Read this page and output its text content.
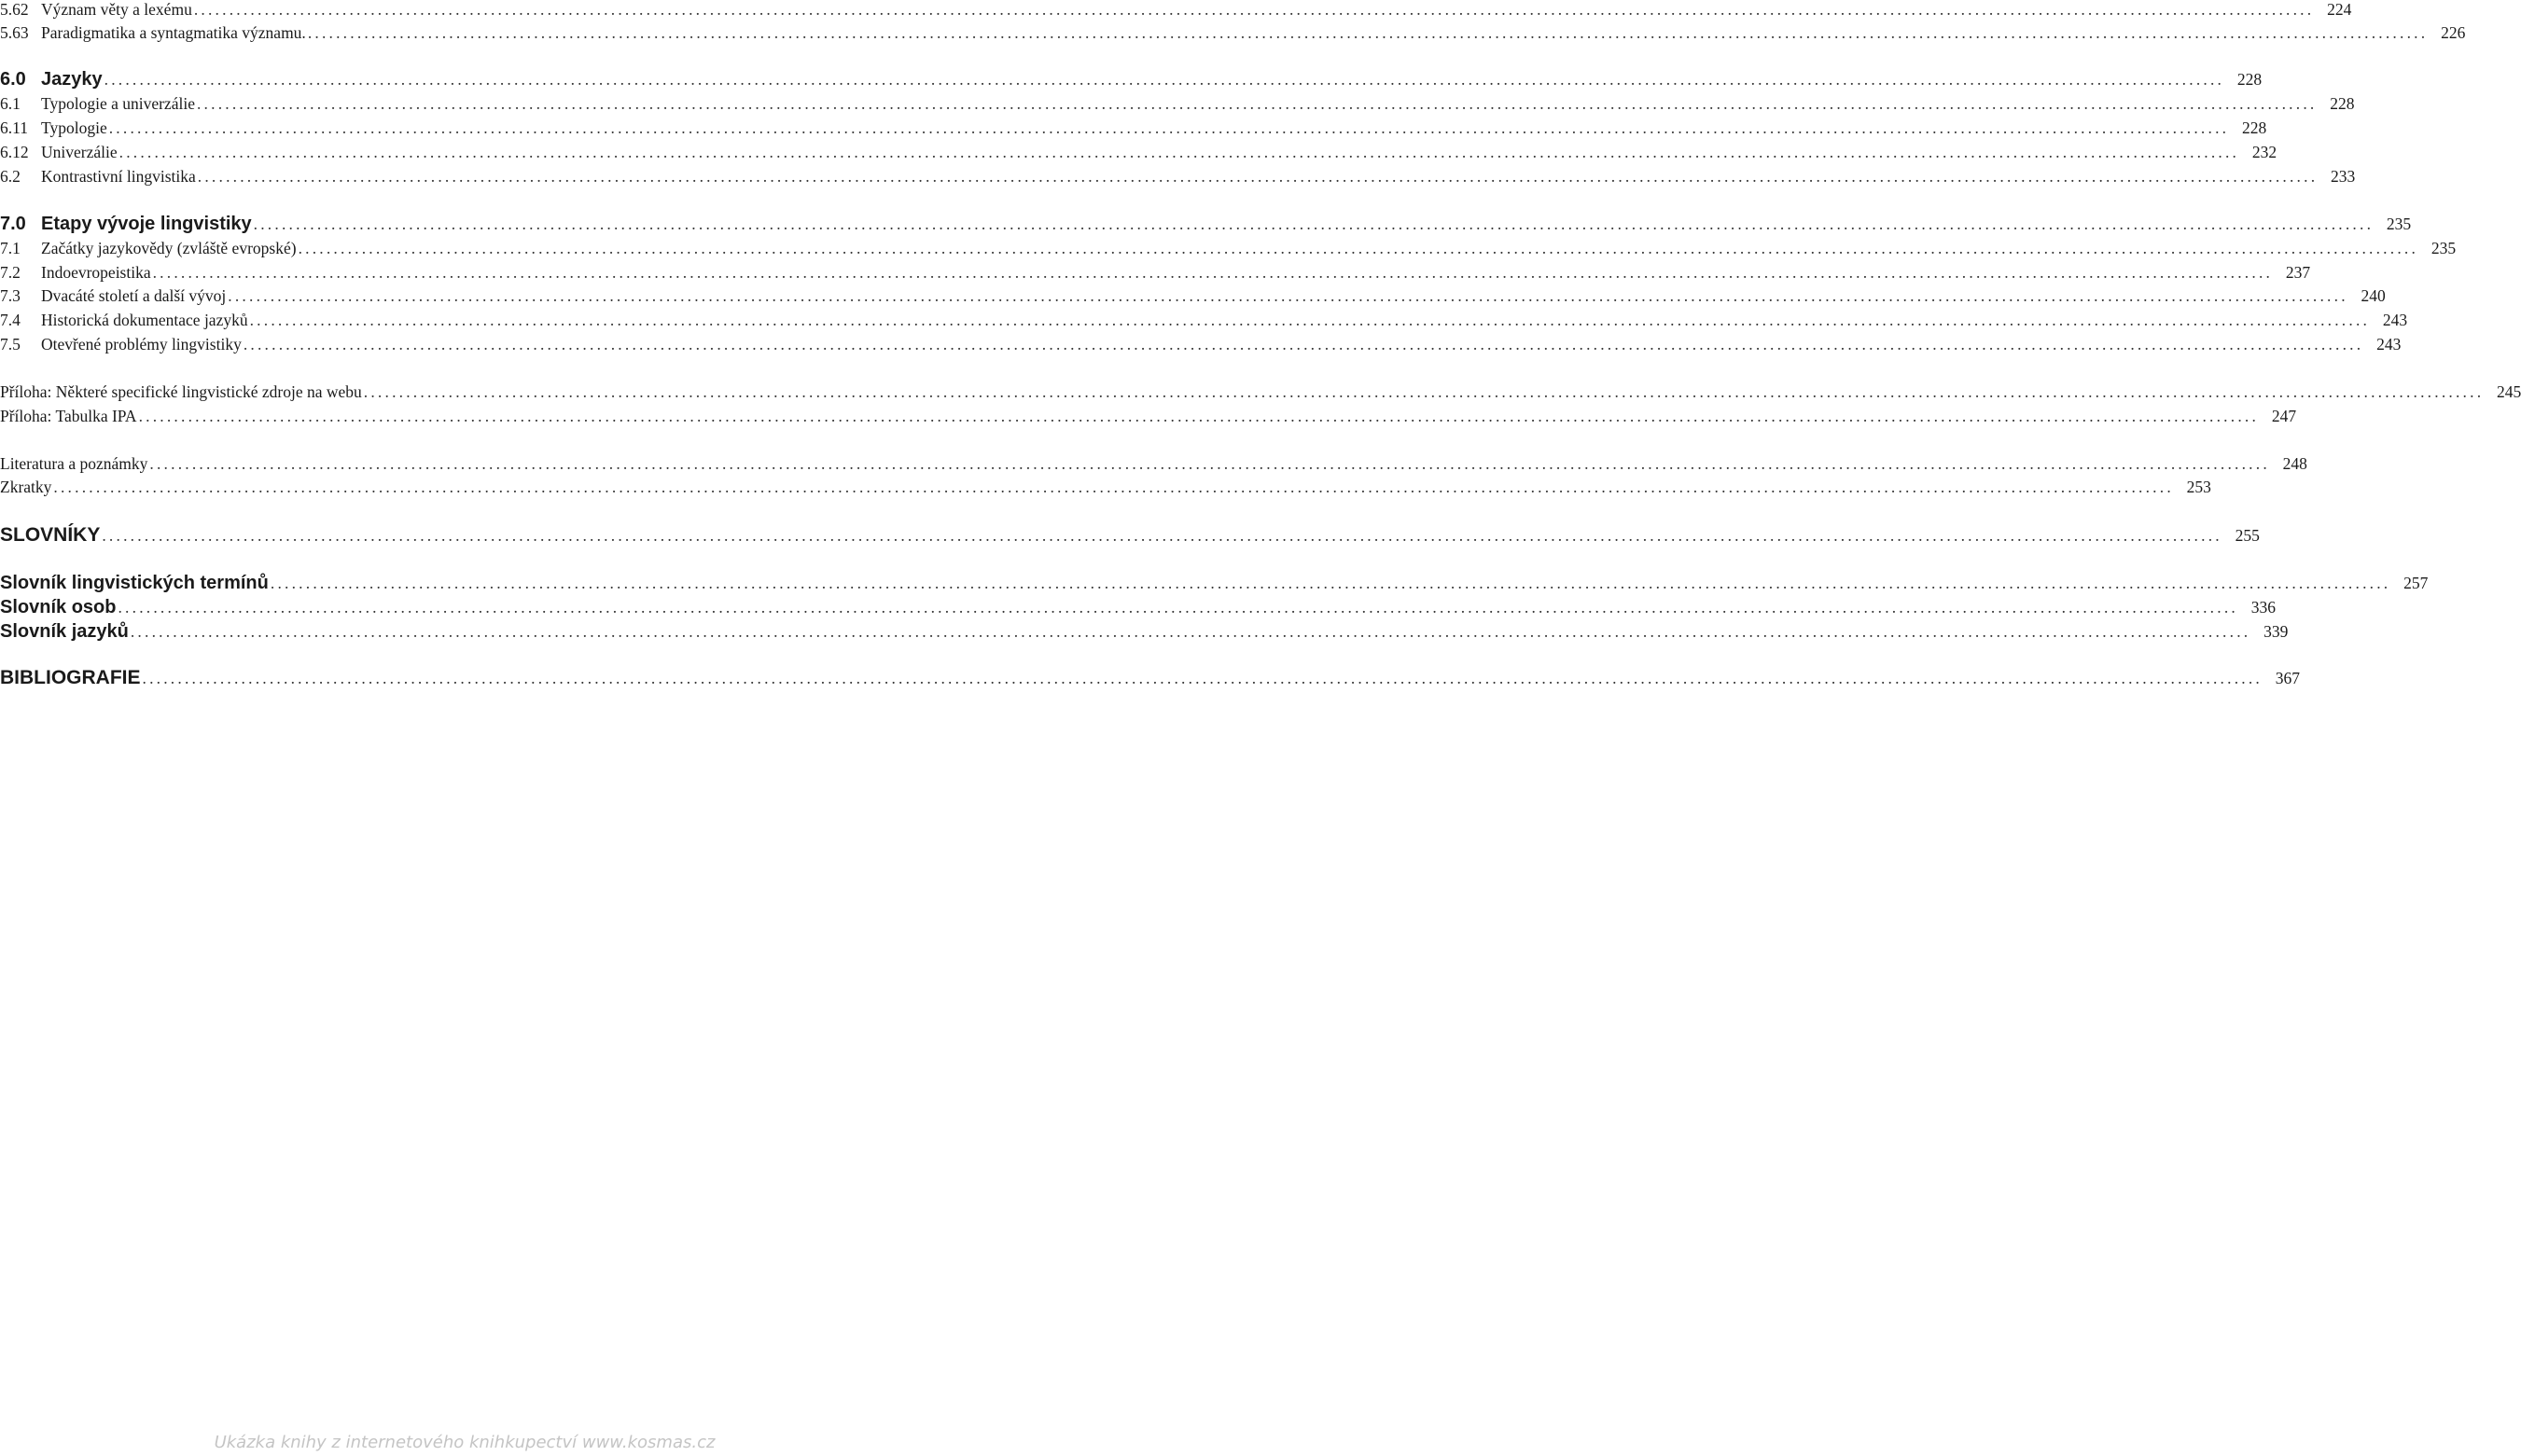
5.62 Význam věty a lexému ............................................................................................................................................................................................................................................................................................................ 224
5.63 Paradigmatika a syntagmatika významu. ............................................................................................................................................................................................................................................................................................................ 226
6.0 Jazyky ............................................................................................................................................................................................................................................................................................................ 228
6.1	Typologie a univerzálie ............................................................................................................................................................................................................................................................................................................ 228
6.11 Typologie ............................................................................................................................................................................................................................................................................................................ 228
6.12 Univerzálie ............................................................................................................................................................................................................................................................................................................ 232
6.2	Kontrastivní lingvistika ............................................................................................................................................................................................................................................................................................................ 233
7.0 Etapy vývoje lingvistiky ............................................................................................................................................................................................................................................................................................................ 235
7.1	Začátky jazykovědy (zvláště evropské) ............................................................................................................................................................................................................................................................................................................ 235
7.2	Indoevropeistika ............................................................................................................................................................................................................................................................................................................ 237
7.3	Dvacáté století a další vývoj ............................................................................................................................................................................................................................................................................................................ 240
7.4	Historická dokumentace jazyků ............................................................................................................................................................................................................................................................................................................ 243
7.5	Otevřené problémy lingvistiky ............................................................................................................................................................................................................................................................................................................ 243
Příloha: Některé specifické lingvistické zdroje na webu ............................................................................................................................................................................................................................................................................................................ 245
Příloha: Tabulka IPA ............................................................................................................................................................................................................................................................................................................ 247
Literatura a poznámky ............................................................................................................................................................................................................................................................................................................ 248
Zkratky ............................................................................................................................................................................................................................................................................................................ 253
SLOVNÍKY ............................................................................................................................................................................................................................................................................................................ 255
Slovník lingvistických termínů ............................................................................................................................................................................................................................................................................................................ 257
Slovník osob ............................................................................................................................................................................................................................................................................................................ 336
Slovník jazyků ............................................................................................................................................................................................................................................................................................................ 339
BIBLIOGRAFIE ............................................................................................................................................................................................................................................................................................................ 367
Ukázka knihy z internetového knihkupectví www.kosmas.cz
